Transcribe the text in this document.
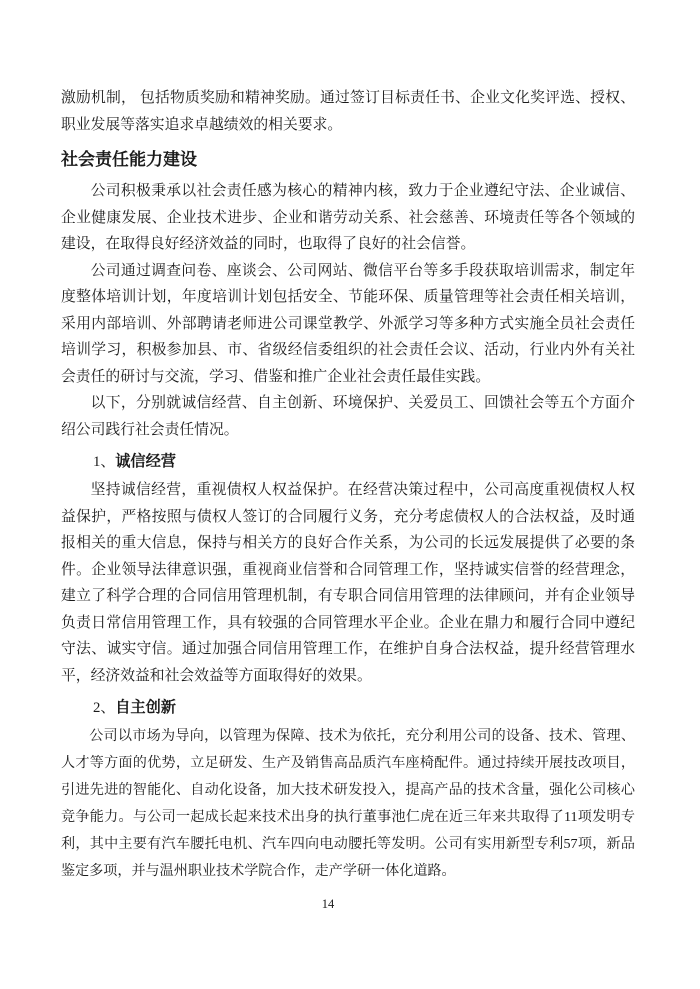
激励机制， 包括物质奖励和精神奖励。通过签订目标责任书、企业文化奖评选、授权、
职业发展等落实追求卓越绩效的相关要求。
社会责任能力建设
公司积极秉承以社会责任感为核心的精神内核，致力于企业遵纪守法、企业诚信、
企业健康发展、企业技术进步、企业和谐劳动关系、社会慈善、环境责任等各个领域的
建设，在取得良好经济效益的同时，也取得了良好的社会信誉。
公司通过调查问卷、座谈会、公司网站、微信平台等多手段获取培训需求，制定年
度整体培训计划，年度培训计划包括安全、节能环保、质量管理等社会责任相关培训，
采用内部培训、外部聘请老师进公司课堂教学、外派学习等多种方式实施全员社会责任
培训学习，积极参加县、市、省级经信委组织的社会责任会议、活动，行业内外有关社
会责任的研讨与交流，学习、借鉴和推广企业社会责任最佳实践。
以下，分别就诚信经营、自主创新、环境保护、关爱员工、回馈社会等五个方面介
绍公司践行社会责任情况。
1、诚信经营
坚持诚信经营，重视债权人权益保护。在经营决策过程中，公司高度重视债权人权
益保护，严格按照与债权人签订的合同履行义务，充分考虑债权人的合法权益，及时通
报相关的重大信息，保持与相关方的良好合作关系，为公司的长远发展提供了必要的条
件。企业领导法律意识强，重视商业信誉和合同管理工作，坚持诚实信誉的经营理念，
建立了科学合理的合同信用管理机制，有专职合同信用管理的法律顾问，并有企业领导
负责日常信用管理工作，具有较强的合同管理水平企业。企业在鼎力和履行合同中遵纪
守法、诚实守信。通过加强合同信用管理工作，在维护自身合法权益，提升经营管理水
平，经济效益和社会效益等方面取得好的效果。
2、自主创新
公司以市场为导向，以管理为保障、技术为依托，充分利用公司的设备、技术、管理、
人才等方面的优势，立足研发、生产及销售高品质汽车座椅配件。通过持续开展技改项目，
引进先进的智能化、自动化设备，加大技术研发投入，提高产品的技术含量，强化公司核心
竞争能力。与公司一起成长起来技术出身的执行董事池仁虎在近三年来共取得了11项发明专
利，其中主要有汽车腰托电机、汽车四向电动腰托等发明。公司有实用新型专利57项，新品
鉴定多项，并与温州职业技术学院合作，走产学研一体化道路。
14
